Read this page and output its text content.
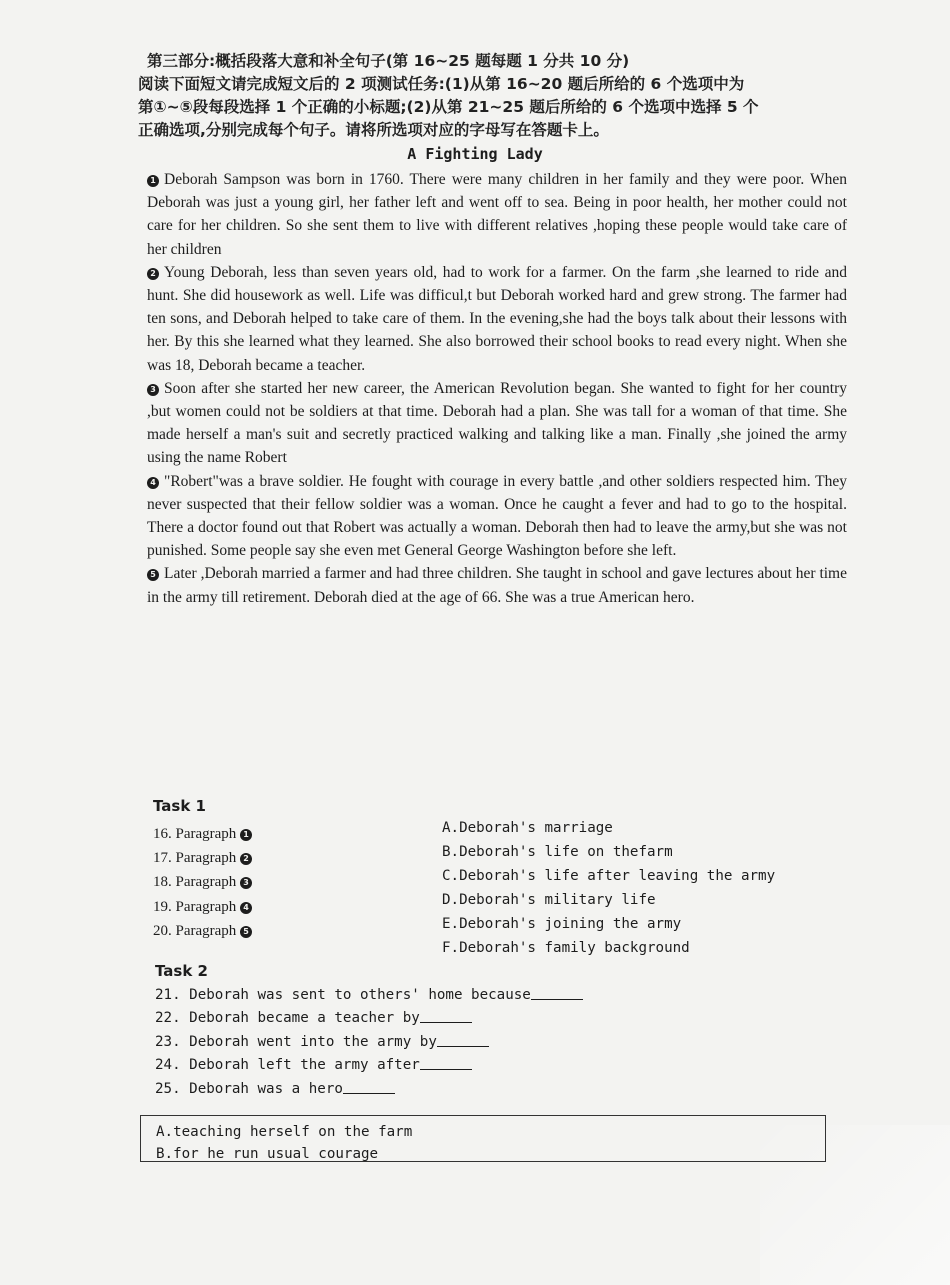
第三部分:概括段落大意和补全句子(第 16~25 题每题 1 分共 10 分)
阅读下面短文请完成短文后的 2 项测试任务:(1)从第 16~20 题后所给的 6 个选项中为
第①~⑤段每段选择 1 个正确的小标题;(2)从第 21~25 题后所给的 6 个选项中选择 5 个
正确选项,分别完成每个句子。请将所选项对应的字母写在答题卡上。
A Fighting Lady

1 Deborah Sampson was born in 1760. There were many children in her family and they were poor. When Deborah was just a young girl, her father left and went off to sea. Being in poor health, her mother could not care for her children. So she sent them to live with different relatives ,hoping these people would take care of her children

2 Young Deborah, less than seven years old, had to work for a farmer. On the farm ,she learned to ride and hunt. She did housework as well. Life was difficul,t but Deborah worked hard and grew strong. The farmer had ten sons, and Deborah helped to take care of them. In the evening,she had the boys talk about their lessons with her. By this she learned what they learned. She also borrowed their school books to read every night. When she was 18, Deborah became a teacher.

3 Soon after she started her new career, the American Revolution began. She wanted to fight for her country ,but women could not be soldiers at that time. Deborah had a plan. She was tall for a woman of that time. She made herself a man's suit and secretly practiced walking and talking like a man. Finally ,she joined the army using the name Robert

4 "Robert"was a brave soldier. He fought with courage in every battle ,and other soldiers respected him. They never suspected that their fellow soldier was a woman. Once he caught a fever and had to go to the hospital. There a doctor found out that Robert was actually a woman. Deborah then had to leave the army,but she was not punished. Some people say she even met General George Washington before she left.

5 Later ,Deborah married a farmer and had three children. She taught in school and gave lectures about her time in the army till retirement. Deborah died at the age of 66. She was a true American hero.

Task 1
16. Paragraph 1
17. Paragraph 2
18. Paragraph 3
19. Paragraph 4
20. Paragraph 5
A.Deborah's marriage
B.Deborah's life on thefarm
C.Deborah's life after leaving the army
D.Deborah's military life
E.Deborah's joining the army
F.Deborah's family background
Task 2
21. Deborah was sent to others' home because
22. Deborah became a teacher by
23. Deborah went into the army by
24. Deborah left the army after
25. Deborah was a hero
A.teaching herself on the farm
B.for he run usual courage
